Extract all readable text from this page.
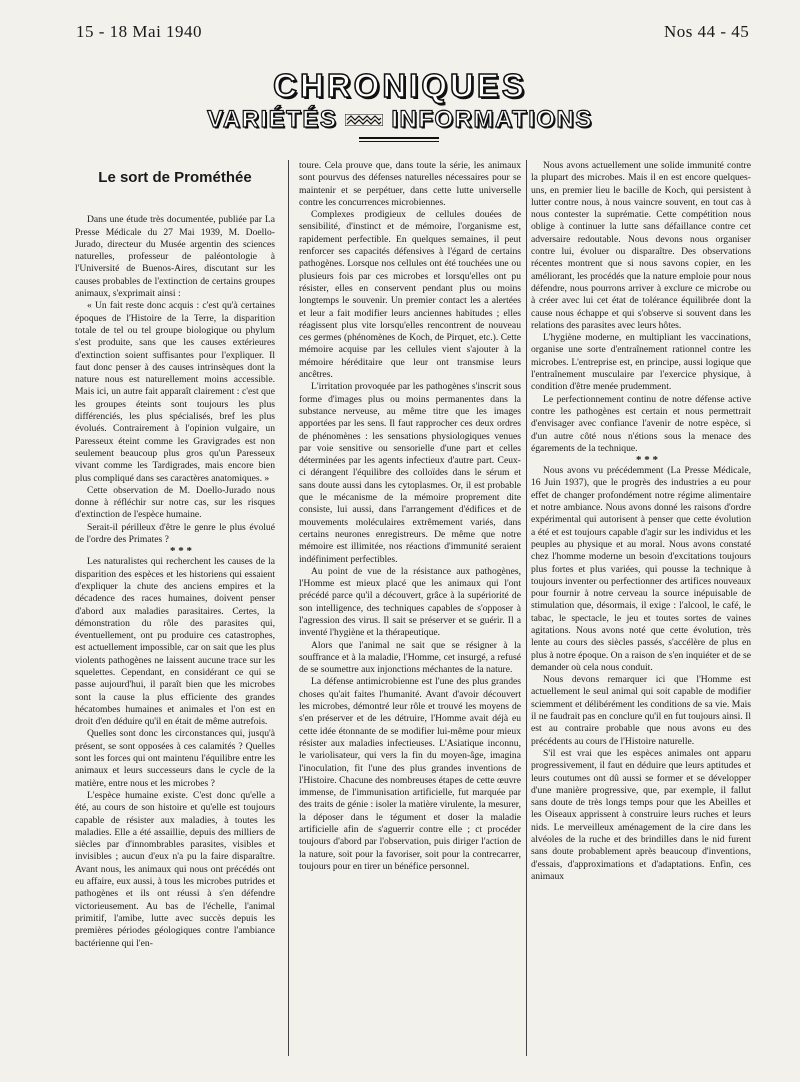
15 - 18 Mai 1940	Nos 44 - 45
CHRONIQUES
VARIÉTÉS INFORMATIONS

Le sort de Prométhée

Dans une étude très documentée, publiée par La Presse Médicale du 27 Mai 1939, M. Doello-Jurado, directeur du Musée argentin des sciences naturelles, professeur de paléontologie à l'Université de Buenos-Aires, discutant sur les causes probables de l'extinction de certains groupes animaux, s'exprimait ainsi :

« Un fait reste donc acquis : c'est qu'à certaines époques de l'Histoire de la Terre, la disparition totale de tel ou tel groupe biologique ou phylum s'est produite, sans que les causes extérieures d'extinction soient suffisantes pour l'expliquer. Il faut donc penser à des causes intrinsèques dont la nature nous est naturellement moins accessible. Mais ici, un autre fait apparaît clairement : c'est que les groupes éteints sont toujours les plus différenciés, les plus spécialisés, bref les plus évolués. Contrairement à l'opinion vulgaire, un Paresseux éteint comme les Gravigrades est non seulement beaucoup plus gros qu'un Paresseux vivant comme les Tardigrades, mais encore bien plus compliqué dans ses caractères anatomiques. »

Cette observation de M. Doello-Jurado nous donne à réfléchir sur notre cas, sur les risques d'extinction de l'espèce humaine.

Serait-il périlleux d'être le genre le plus évolué de l'ordre des Primates ?

* * *

Les naturalistes qui recherchent les causes de la disparition des espèces et les historiens qui essaient d'expliquer la chute des anciens empires et la décadence des races humaines, doivent penser d'abord aux maladies parasitaires. Certes, la démonstration du rôle des parasites qui, éventuellement, ont pu produire ces catastrophes, est actuellement impossible, car on sait que les plus violents pathogènes ne laissent aucune trace sur les squelettes. Cependant, en considérant ce qui se passe aujourd'hui, il paraît bien que les microbes sont la cause la plus efficiente des grandes hécatombes humaines et animales et l'on est en droit d'en déduire qu'il en était de même autrefois.

Quelles sont donc les circonstances qui, jusqu'à présent, se sont opposées à ces calamités ? Quelles sont les forces qui ont maintenu l'équilibre entre les animaux et leurs successeurs dans le cycle de la matière, entre nous et les microbes ?

L'espèce humaine existe. C'est donc qu'elle a été, au cours de son histoire et qu'elle est toujours capable de résister aux maladies, à toutes les maladies. Elle a été assaillie, depuis des milliers de siècles par d'innombrables parasites, visibles et invisibles ; aucun d'eux n'a pu la faire disparaître. Avant nous, les animaux qui nous ont précédés ont eu affaire, eux aussi, à tous les microbes putrides et pathogènes et ils ont réussi à s'en défendre victorieusement. Au bas de l'échelle, l'animal primitif, l'amibe, lutte avec succès depuis les premières périodes géologiques contre l'ambiance bactérienne qui l'en-

toure. Cela prouve que, dans toute la série, les animaux sont pourvus des défenses naturelles nécessaires pour se maintenir et se perpétuer, dans cette lutte universelle contre les concurrences microbiennes.

Complexes prodigieux de cellules douées de sensibilité, d'instinct et de mémoire, l'organisme est, rapidement perfectible. En quelques semaines, il peut renforcer ses capacités défensives à l'égard de certains pathogènes. Lorsque nos cellules ont été touchées une ou plusieurs fois par ces microbes et lorsqu'elles ont pu résister, elles en conservent pendant plus ou moins longtemps le souvenir. Un premier contact les a alertées et leur a fait modifier leurs anciennes habitudes ; elles réagissent plus vite lorsqu'elles rencontrent de nouveau ces germes (phénomènes de Koch, de Pirquet, etc.). Cette mémoire acquise par les cellules vient s'ajouter à la mémoire héréditaire que leur ont transmise leurs ancêtres.

L'irritation provoquée par les pathogènes s'inscrit sous forme d'images plus ou moins permanentes dans la substance nerveuse, au même titre que les images apportées par les sens. Il faut rapprocher ces deux ordres de phénomènes : les sensations physiologiques venues par voie sensitive ou sensorielle d'une part et celles déterminées par les agents infectieux d'autre part. Ceux-ci dérangent l'équilibre des colloïdes dans le sérum et sans doute aussi dans les cytoplasmes. Or, il est probable que le mécanisme de la mémoire proprement dite consiste, lui aussi, dans l'arrangement d'édifices et de mouvements moléculaires extrêmement variés, dans certains neurones enregistreurs. De même que notre mémoire est illimitée, nos réactions d'immunité seraient indéfiniment perfectibles.

Au point de vue de la résistance aux pathogènes, l'Homme est mieux placé que les animaux qui l'ont précédé parce qu'il a découvert, grâce à la supériorité de son intelligence, des techniques capables de s'opposer à l'agression des virus. Il sait se préserver et se guérir. Il a inventé l'hygiène et la thérapeutique.

Alors que l'animal ne sait que se résigner à la souffrance et à la maladie, l'Homme, cet insurgé, a refusé de se soumettre aux injonctions méchantes de la nature.

La défense antimicrobienne est l'une des plus grandes choses qu'ait faites l'humanité. Avant d'avoir découvert les microbes, démontré leur rôle et trouvé les moyens de s'en préserver et de les détruire, l'Homme avait déjà eu cette idée étonnante de se modifier lui-même pour mieux résister aux maladies infectieuses. L'Asiatique inconnu, le variolisateur, qui vers la fin du moyen-âge, imagina l'inoculation, fit l'une des plus grandes inventions de l'Histoire. Chacune des nombreuses étapes de cette œuvre immense, de l'immunisation artificielle, fut marquée par des traits de génie : isoler la matière virulente, la mesurer, la déposer dans le tégument et doser la maladie artificielle afin de s'aguerrir contre elle ; ct procéder toujours d'abord par l'observation, puis diriger l'action de la nature, soit pour la favoriser, soit pour la contrecarrer, toujours pour en tirer un bénéfice personnel.

Nous avons actuellement une solide immunité contre la plupart des microbes. Mais il en est encore quelques-uns, en premier lieu le bacille de Koch, qui persistent à lutter contre nous, à nous vaincre souvent, en tout cas à nous contester la suprématie. Cette compétition nous oblige à continuer la lutte sans défaillance contre cet adversaire redoutable. Nous devons nous organiser contre lui, évoluer ou disparaître. Des observations récentes montrent que si nous savons copier, en les améliorant, les procédés que la nature emploie pour nous défendre, nous pourrons arriver à exclure ce microbe ou à créer avec lui cet état de tolérance équilibrée dont la cause nous échappe et qui s'observe si souvent dans les relations des parasites avec leurs hôtes.

L'hygiène moderne, en multipliant les vaccinations, organise une sorte d'entraînement rationnel contre les microbes. L'entreprise est, en principe, aussi logique que l'entraînement musculaire par l'exercice physique, à condition d'être menée prudemment.

Le perfectionnement continu de notre défense active contre les pathogènes est certain et nous permettrait d'envisager avec confiance l'avenir de notre espèce, si d'un autre côté nous n'étions sous la menace des égarements de la technique.

* * *

Nous avons vu précédemment (La Presse Médicale, 16 Juin 1937), que le progrès des industries a eu pour effet de changer profondément notre régime alimentaire et notre ambiance. Nous avons donné les raisons d'ordre expérimental qui autorisent à penser que cette évolution a été et est toujours capable d'agir sur les individus et les peuples au physique et au moral. Nous avons constaté chez l'homme moderne un besoin d'excitations toujours plus fortes et plus variées, qui pousse la technique à toujours inventer ou perfectionner des artifices nouveaux pour fournir à notre cerveau la source inépuisable de stimulation que, désormais, il exige : l'alcool, le café, le tabac, le spectacle, le jeu et toutes sortes de vaines agitations. Nous avons noté que cette évolution, très lente au cours des siècles passés, s'accélère de plus en plus à notre époque. On a raison de s'en inquiéter et de se demander où cela nous conduit.

Nous devons remarquer ici que l'Homme est actuellement le seul animal qui soit capable de modifier sciemment et délibérément les conditions de sa vie. Mais il ne faudrait pas en conclure qu'il en fut toujours ainsi. Il est au contraire probable que nous avons eu des précédents au cours de l'Histoire naturelle.

S'il est vrai que les espèces animales ont apparu progressivement, il faut en déduire que leurs aptitudes et leurs coutumes ont dû aussi se former et se développer d'une manière progressive, que, par exemple, il fallut sans doute de très longs temps pour que les Abeilles et les Oiseaux apprissent à construire leurs ruches et leurs nids. Le merveilleux aménagement de la cire dans les alvéoles de la ruche et des brindilles dans le nid furent sans doute probablement après beaucoup d'inventions, d'essais, d'approximations et d'adaptations. Enfin, ces animaux
